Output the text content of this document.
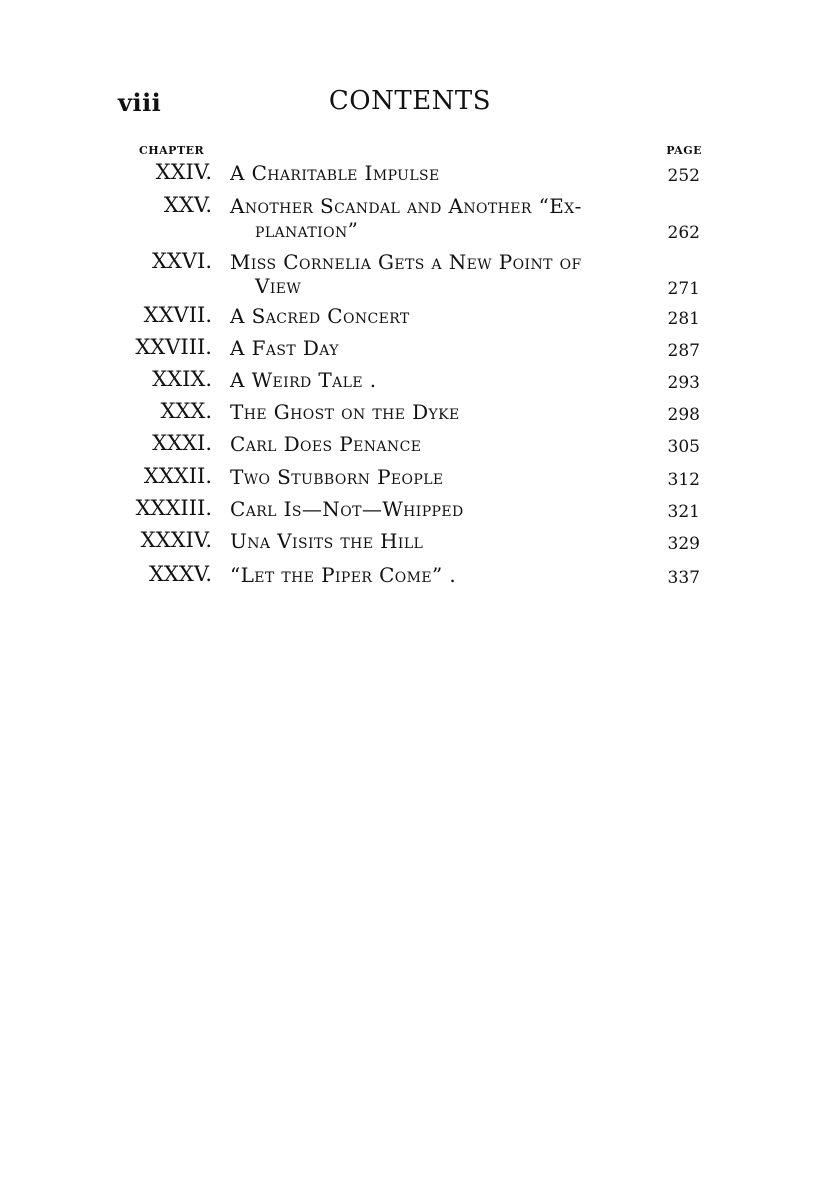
viii	CONTENTS
CHAPTER	PAGE
XXIV. A Charitable Impulse	252
XXV. Another Scandal and Another “Ex-
planation”	262
XXVI. Miss Cornelia Gets a New Point of
View	271
XXVII. A Sacred Concert	281
XXVIII. A Fast Day	287
XXIX. A Weird Tale .	293
XXX. The Ghost on the Dyke	298
XXXI. Carl Does Penance	305
XXXII. Two Stubborn People	312
XXXIII. Carl Is—Not—Whipped	321
XXXIV. Una Visits the Hill	329
XXXV. “Let the Piper Come” .	337
